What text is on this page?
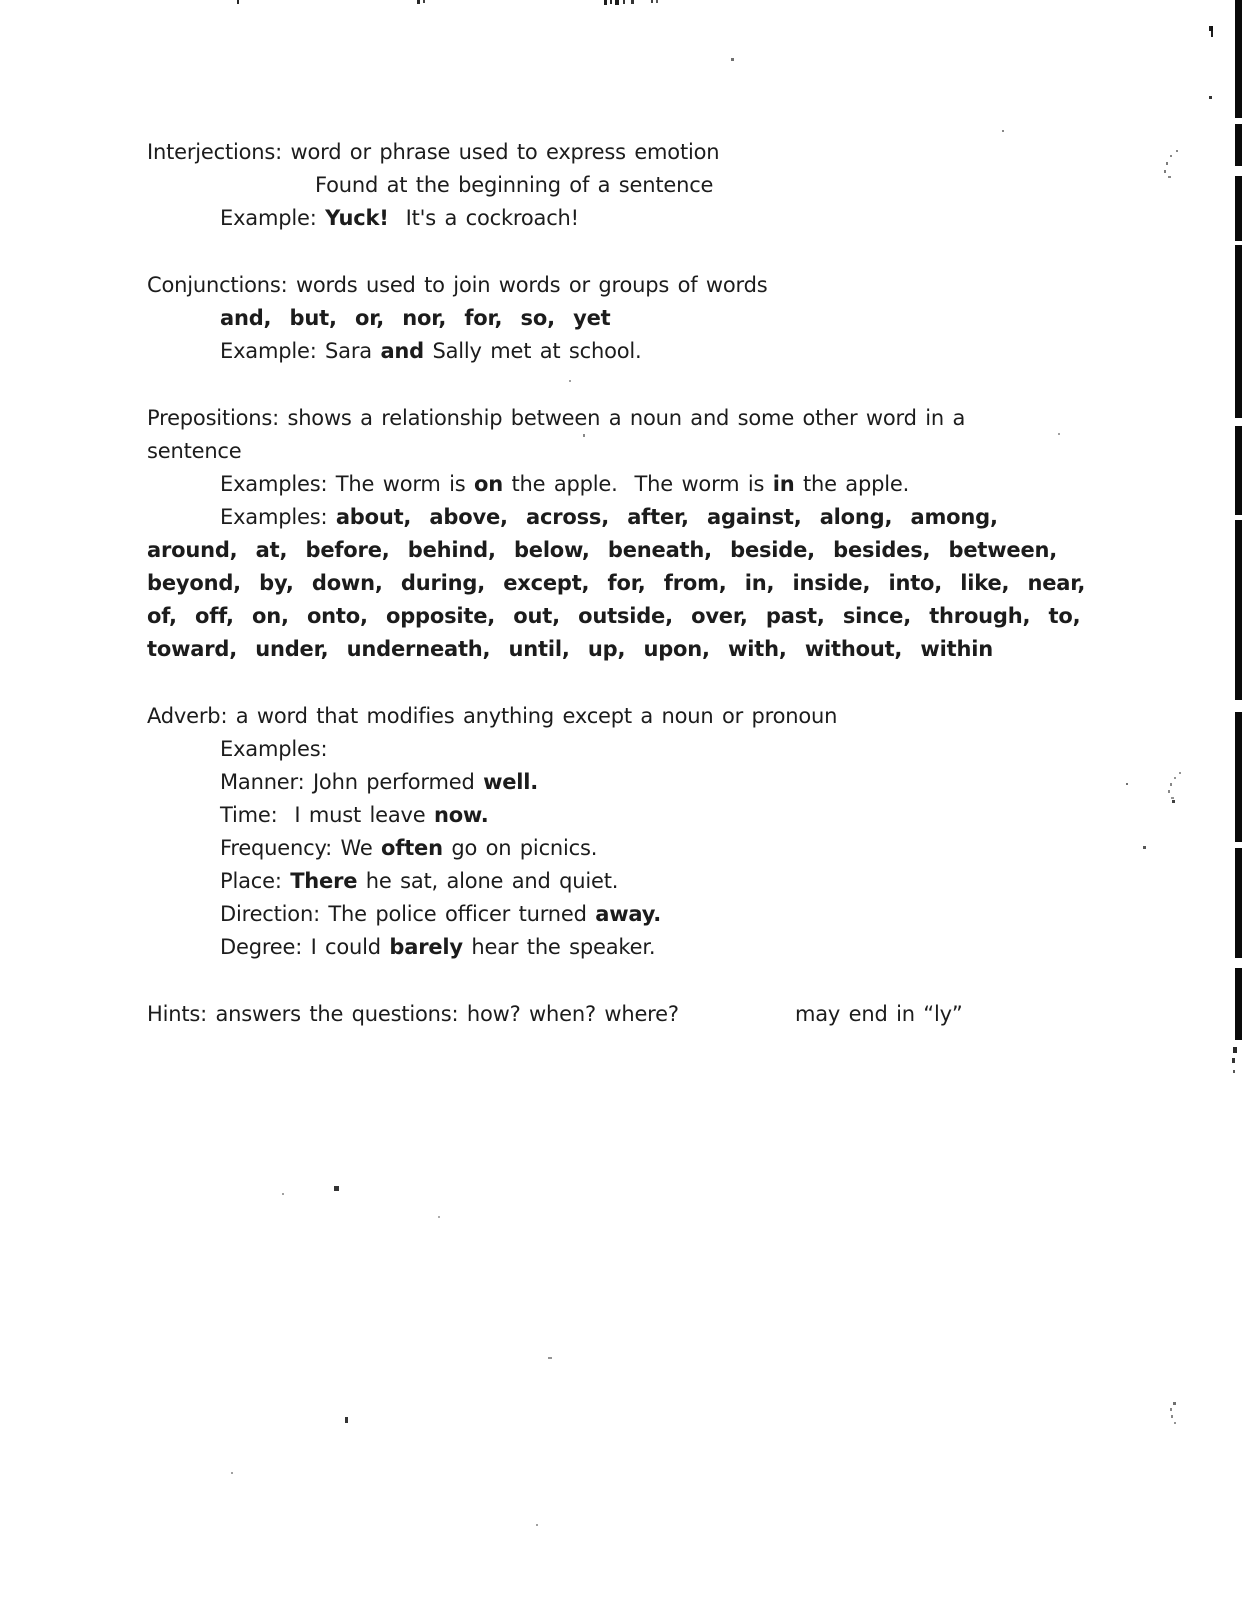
Interjections: word or phrase used to express emotion
Found at the beginning of a sentence
Example: Yuck!  It's a cockroach!
Conjunctions: words used to join words or groups of words
and,  but,  or,  nor,  for,  so,  yet
Example: Sara and Sally met at school.
Prepositions: shows a relationship between a noun and some other word in a
sentence
Examples: The worm is on the apple.  The worm is in the apple.
Examples: about,  above,  across,  after,  against,  along,  among,
around,  at,  before,  behind,  below,  beneath,  beside,  besides,  between,
beyond,  by,  down,  during,  except,  for,  from,  in,  inside,  into,  like,  near,
of,  off,  on,  onto,  opposite,  out,  outside,  over,  past,  since,  through,  to,
toward,  under,  underneath,  until,  up,  upon,  with,  without,  within
Adverb: a word that modifies anything except a noun or pronoun
Examples:
Manner: John performed well.
Time:  I must leave now.
Frequency: We often go on picnics.
Place: There he sat, alone and quiet.
Direction: The police officer turned away.
Degree: I could barely hear the speaker.
Hints: answers the questions: how? when? where?	may end in “ly”
